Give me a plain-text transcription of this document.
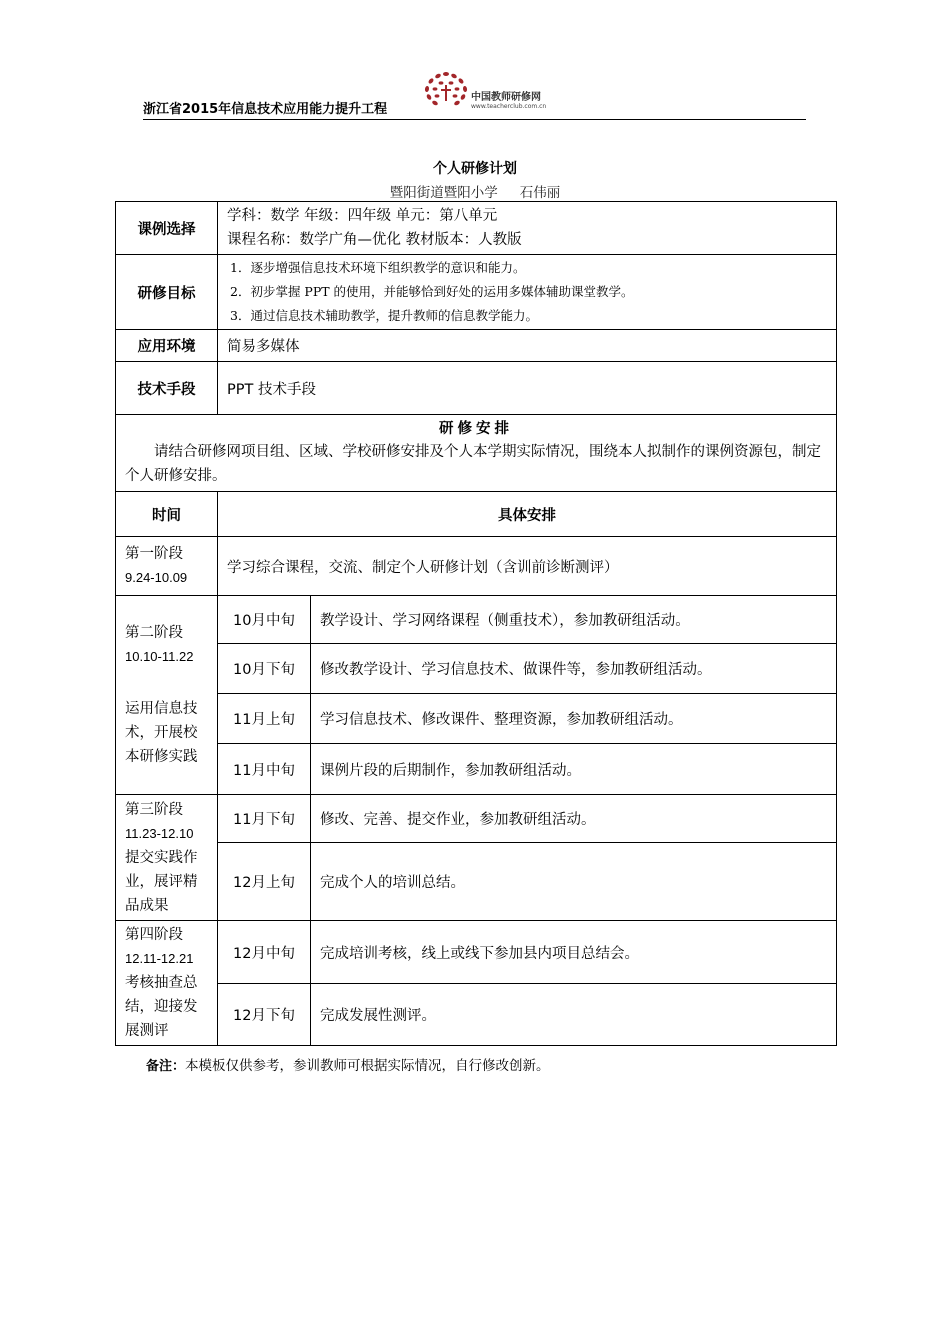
浙江省2015年信息技术应用能力提升工程
中国教师研修网
www.teacherclub.com.cn
个人研修计划
暨阳街道暨阳小学 石伟丽
课例选择	学科：数学 年级：四年级 单元：第八单元
课程名称：数学广角—优化 教材版本：人教版	

研修目标	1．逐步增强信息技术环境下组织教学的意识和能力。
2．初步掌握 PPT 的使用，并能够恰到好处的运用多媒体辅助课堂教学。
3．通过信息技术辅助教学，提升教师的信息教学能力。	

应用环境	简易多媒体	
技术手段	PPT 技术手段	

研修安排
请结合研修网项目组、区域、学校研修安排及个人本学期实际情况，围绕本人拟制作的课例资源包，制定个人研修安排。		

时间	具体安排	

第一阶段
9.24-10.09	学习综合课程，交流、制定个人研修计划（含训前诊断测评）	

第二阶段
10.10-11.22
运用信息技术，开展校本研修实践	10月中旬	教学设计、学习网络课程（侧重技术），参加教研组活动。
	10月下旬	修改教学设计、学习信息技术、做课件等，参加教研组活动。
	11月上旬	学习信息技术、修改课件、整理资源，参加教研组活动。
	11月中旬	课例片段的后期制作，参加教研组活动。

第三阶段
11.23-12.10
提交实践作业，展评精品成果	11月下旬	修改、完善、提交作业，参加教研组活动。
	12月上旬	完成个人的培训总结。

第四阶段
12.11-12.21
考核抽查总结，迎接发展测评	12月中旬	完成培训考核，线上或线下参加县内项目总结会。
	12月下旬	完成发展性测评。
备注：本模板仅供参考，参训教师可根据实际情况，自行修改创新。
